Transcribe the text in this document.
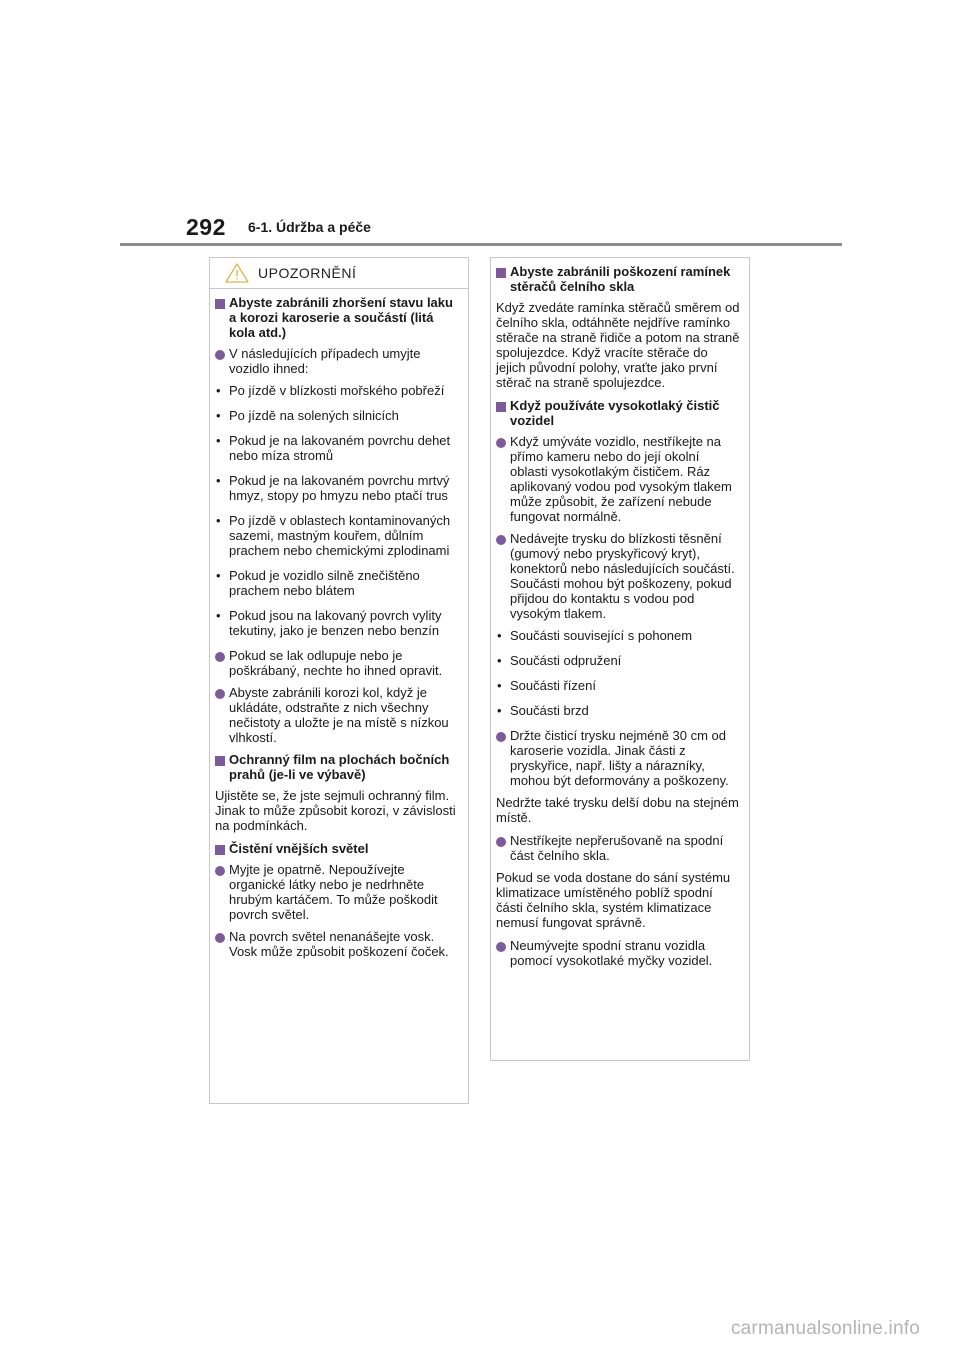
292 6-1. Údržba a péče
UPOZORNĚNÍ
Abyste zabránili zhoršení stavu laku a korozi karoserie a součástí (litá kola atd.)
V následujících případech umyjte vozidlo ihned:
• Po jízdě v blízkosti mořského pobřeží
• Po jízdě na solených silnicích
• Pokud je na lakovaném povrchu dehet nebo míza stromů
• Pokud je na lakovaném povrchu mrtvý hmyz, stopy po hmyzu nebo ptačí trus
• Po jízdě v oblastech kontaminovaných sazemi, mastným kouřem, důlním prachem nebo chemickými zplodinami
• Pokud je vozidlo silně znečištěno prachem nebo blátem
• Pokud jsou na lakovaný povrch vylity tekutiny, jako je benzen nebo benzín
Pokud se lak odlupuje nebo je poškrábaný, nechte ho ihned opravit.
Abyste zabránili korozi kol, když je ukládáte, odstraňte z nich všechny nečistoty a uložte je na místě s nízkou vlhkostí.
Ochranný film na plochách bočních prahů (je-li ve výbavě)
Ujistěte se, že jste sejmuli ochranný film. Jinak to může způsobit korozi, v závislosti na podmínkách.
Čistění vnějších světel
Myjte je opatrně. Nepoužívejte organické látky nebo je nedrhněte hrubým kartáčem. To může poškodit povrch světel.
Na povrch světel nenanášejte vosk. Vosk může způsobit poškození čoček.
Abyste zabránili poškození ramínek stěračů čelního skla
Když zvedáte ramínka stěračů směrem od čelního skla, odtáhněte nejdříve ramínko stěrače na straně řidiče a potom na straně spolujezdce. Když vracíte stěrače do jejich původní polohy, vraťte jako první stěrač na straně spolujezdce.
Když používáte vysokotlaký čistič vozidel
Když umýváte vozidlo, nestříkejte na přímo kameru nebo do její okolní oblasti vysokotlakým čističem. Ráz aplikovaný vodou pod vysokým tlakem může způsobit, že zařízení nebude fungovat normálně.
Nedávejte trysku do blízkosti těsnění (gumový nebo pryskyřicový kryt), konektorů nebo následujících součástí. Součásti mohou být poškozeny, pokud přijdou do kontaktu s vodou pod vysokým tlakem.
• Součásti související s pohonem
• Součásti odpružení
• Součásti řízení
• Součásti brzd
Držte čisticí trysku nejméně 30 cm od karoserie vozidla. Jinak části z pryskyřice, např. lišty a nárazníky, mohou být deformovány a poškozeny.
Nedržte také trysku delší dobu na stejném místě.
Nestříkejte nepřerušovaně na spodní část čelního skla.
Pokud se voda dostane do sání systému klimatizace umístěného poblíž spodní části čelního skla, systém klimatizace nemusí fungovat správně.
Neumývejte spodní stranu vozidla pomocí vysokotlaké myčky vozidel.
carmanualsonline.info
